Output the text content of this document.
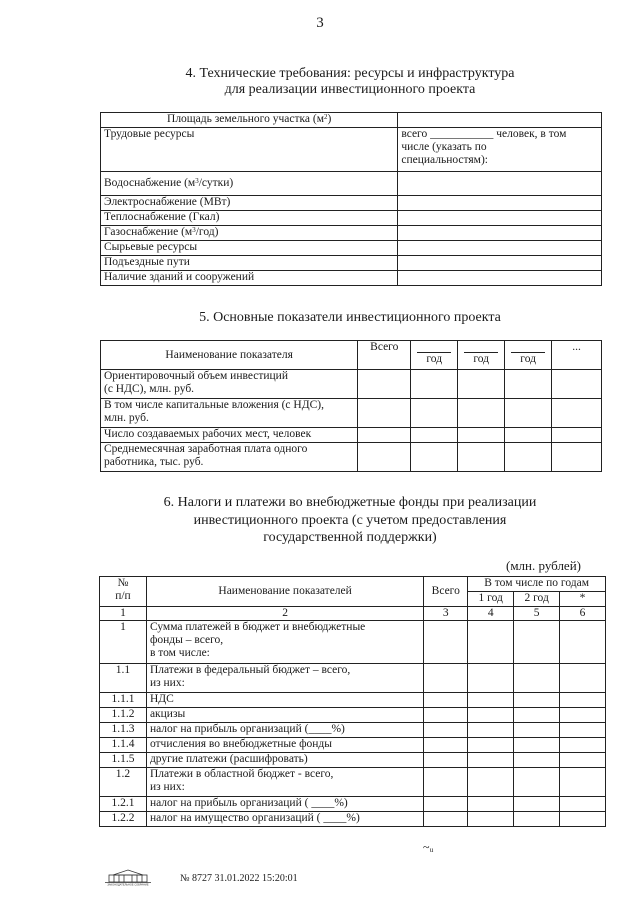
3
4. Технические требования: ресурсы и инфраструктура
для реализации инвестиционного проекта
Площадь земельного участка $(м^2)$	
Трудовые ресурсы	всего ___________ человек, в том
числе (указать по
специальностям):

Водоснабжение $(м^3/сутки)$	
Электроснабжение (МВт)	
Теплоснабжение (Гкал)	
Газоснабжение $(м^3/год)$	
Сырьевые ресурсы	
Подъездные пути	
Наличие зданий и сооружений	
5. Основные показатели инвестиционного проекта
Наименование показателя	Всего	год	год	год	...

Ориентировочный объем инвестиций
(с НДС), млн. руб.					

В том числе капитальные вложения (с НДС),
млн. руб.					

Число создаваемых рабочих мест, человек					

Среднемесячная заработная плата одного
работника, тыс. руб.					

6. Налоги и платежи во внебюджетные фонды при реализации
инвестиционного проекта (с учетом предоставления
государственной поддержки)
(млн. рублей)
№
п/п	Наименование показателей	Всего	В том числе по годам		
			1 год	2 год	*
1	2	3	4	5	6
1	Сумма платежей в бюджет и внебюджетные
фонды – всего,
в том числе:				

1.1	Платежи в федеральный бюджет – всего,
из них:				

1.1.1	НДС				
1.1.2	акцизы				
1.1.3	налог на прибыль организаций (____%)				
1.1.4	отчисления во внебюджетные фонды				
1.1.5	другие платежи (расшифровать)				
1.2	Платежи в областной бюджет - всего,
из них:				

1.2.1	налог на прибыль организаций ( ____%)				
1.2.2	налог на имущество организаций ( ____%)				
~ᵤ
ЗАКОНОДАТЕЛЬНОЕ СОБРАНИЕ
№ 8727 31.01.2022 15:20:01
